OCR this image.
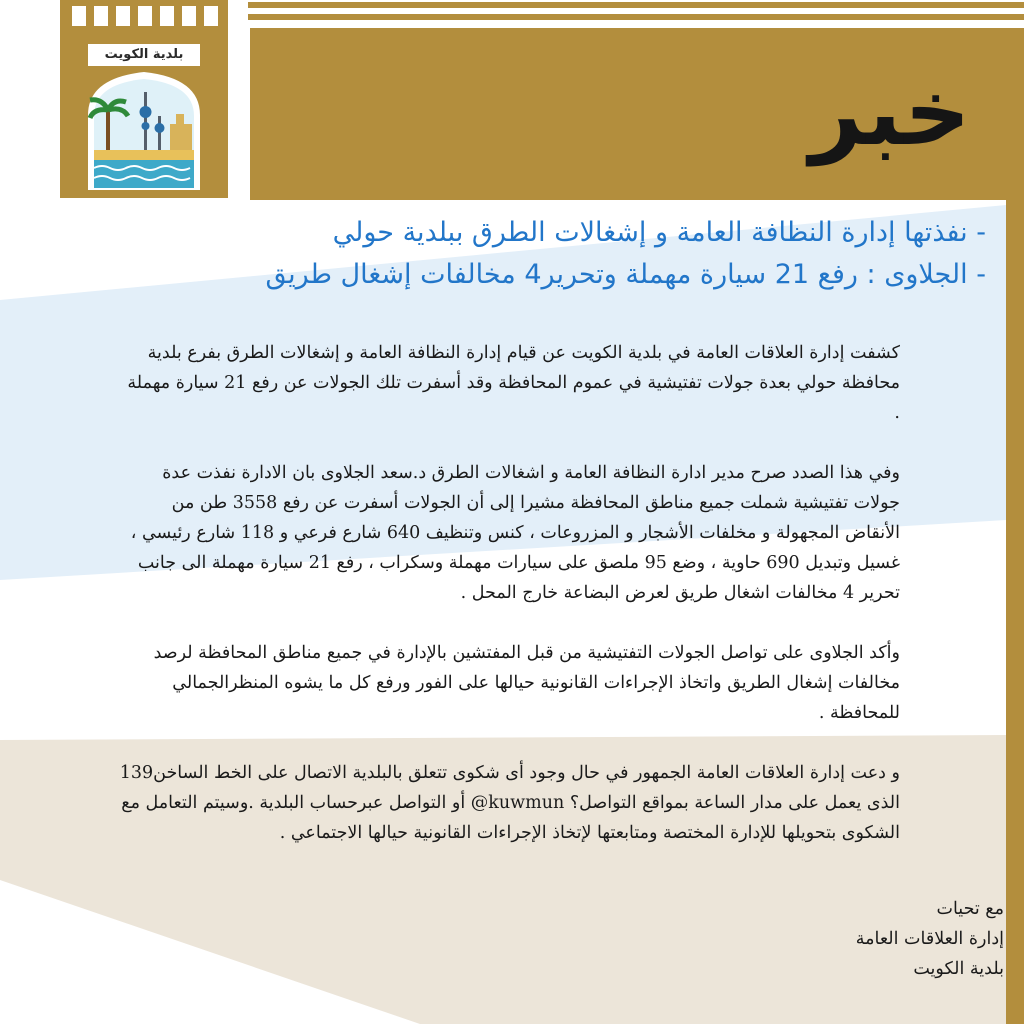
بلدية الكويت
خبر
- نفذتها إدارة النظافة العامة و إشغالات الطرق ببلدية حولي
- الجلاوى : رفع 21 سيارة مهملة وتحرير4 مخالفات إشغال طريق

كشفت إدارة العلاقات العامة في بلدية الكويت عن قيام إدارة النظافة العامة و إشغالات الطرق بفرع بلدية محافظة حولي بعدة جولات تفتيشية في عموم المحافظة وقد أسفرت تلك الجولات عن رفع 21 سيارة مهملة .

وفي هذا الصدد صرح مدير ادارة النظافة العامة و اشغالات الطرق د.سعد الجلاوى بان الادارة نفذت عدة جولات تفتيشية شملت جميع مناطق المحافظة مشيرا إلى أن الجولات أسفرت عن رفع 3558 طن من الأنقاض المجهولة و مخلفات الأشجار و المزروعات ، كنس وتنظيف 640 شارع فرعي و 118 شارع رئيسي ، غسيل وتبديل 690 حاوية ، وضع 95 ملصق على سيارات مهملة وسكراب ، رفع 21 سيارة مهملة الى جانب تحرير 4 مخالفات اشغال طريق لعرض البضاعة خارج المحل .

وأكد الجلاوى على تواصل الجولات التفتيشية من قبل المفتشين بالإدارة في جميع مناطق المحافظة لرصد مخالفات إشغال الطريق واتخاذ الإجراءات القانونية حيالها على الفور ورفع كل ما يشوه المنظرالجمالي للمحافظة .

و دعت إدارة العلاقات العامة الجمهور في حال وجود أى شكوى تتعلق بالبلدية الاتصال على الخط الساخن139 الذى يعمل على مدار الساعة بمواقع التواصل؟ kuwmun@ أو التواصل عبرحساب البلدية .وسيتم التعامل مع الشكوى بتحويلها للإدارة المختصة ومتابعتها لإتخاذ الإجراءات القانونية حيالها الاجتماعي .

مع تحيات
إدارة العلاقات العامة
بلدية الكويت
